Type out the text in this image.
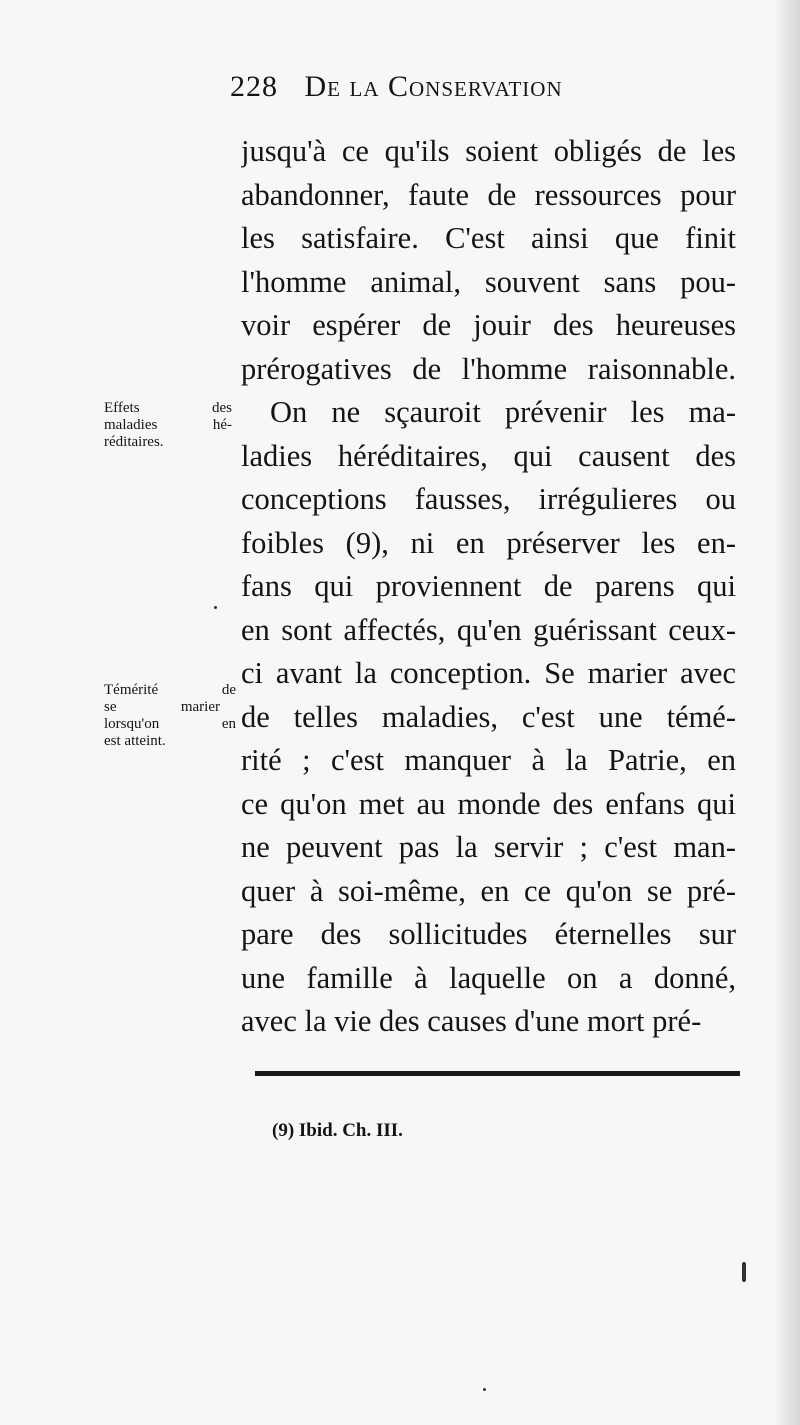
228 De la Conservation
jusqu'à ce qu'ils soient obligés de les
abandonner, faute de ressources pour
les satisfaire. C'est ainsi que finit
l'homme animal, souvent sans pou-
voir espérer de jouir des heureuses
prérogatives de l'homme raisonnable.
On ne sçauroit prévenir les ma-
ladies héréditaires, qui causent des
conceptions fausses, irrégulieres ou
foibles (9), ni en préserver les en-
fans qui proviennent de parens qui
en sont affectés, qu'en guérissant ceux-
ci avant la conception. Se marier avec
de telles maladies, c'est une témé-
rité ; c'est manquer à la Patrie, en
ce qu'on met au monde des enfans qui
ne peuvent pas la servir ; c'est man-
quer à soi-même, en ce qu'on se pré-
pare des sollicitudes éternelles sur
une famille à laquelle on a donné,
avec la vie des causes d'une mort pré-
Effets des
maladies hé-
réditaires.
Témérité de
se marier
lorsqu'on en
est atteint.
(9) Ibid. Ch. III.
